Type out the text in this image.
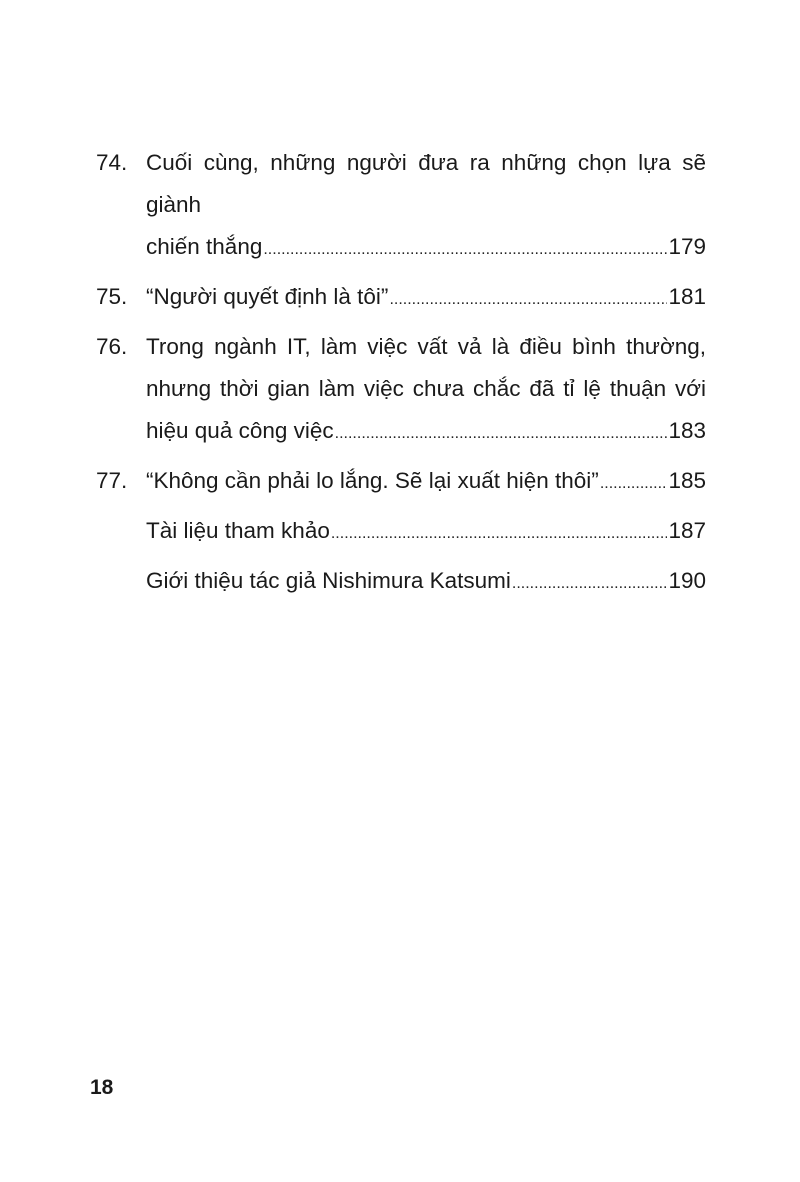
74. Cuối cùng, những người đưa ra những chọn lựa sẽ giành
chiến thắng .....	179
75. “Người quyết định là tôi” .....	181
76. Trong ngành IT, làm việc vất vả là điều bình thường,
nhưng thời gian làm việc chưa chắc đã tỉ lệ thuận với
hiệu quả công việc .....	183
77. “Không cần phải lo lắng. Sẽ lại xuất hiện thôi” .....	185
Tài liệu tham khảo .....	187
Giới thiệu tác giả Nishimura Katsumi .....	190
18
